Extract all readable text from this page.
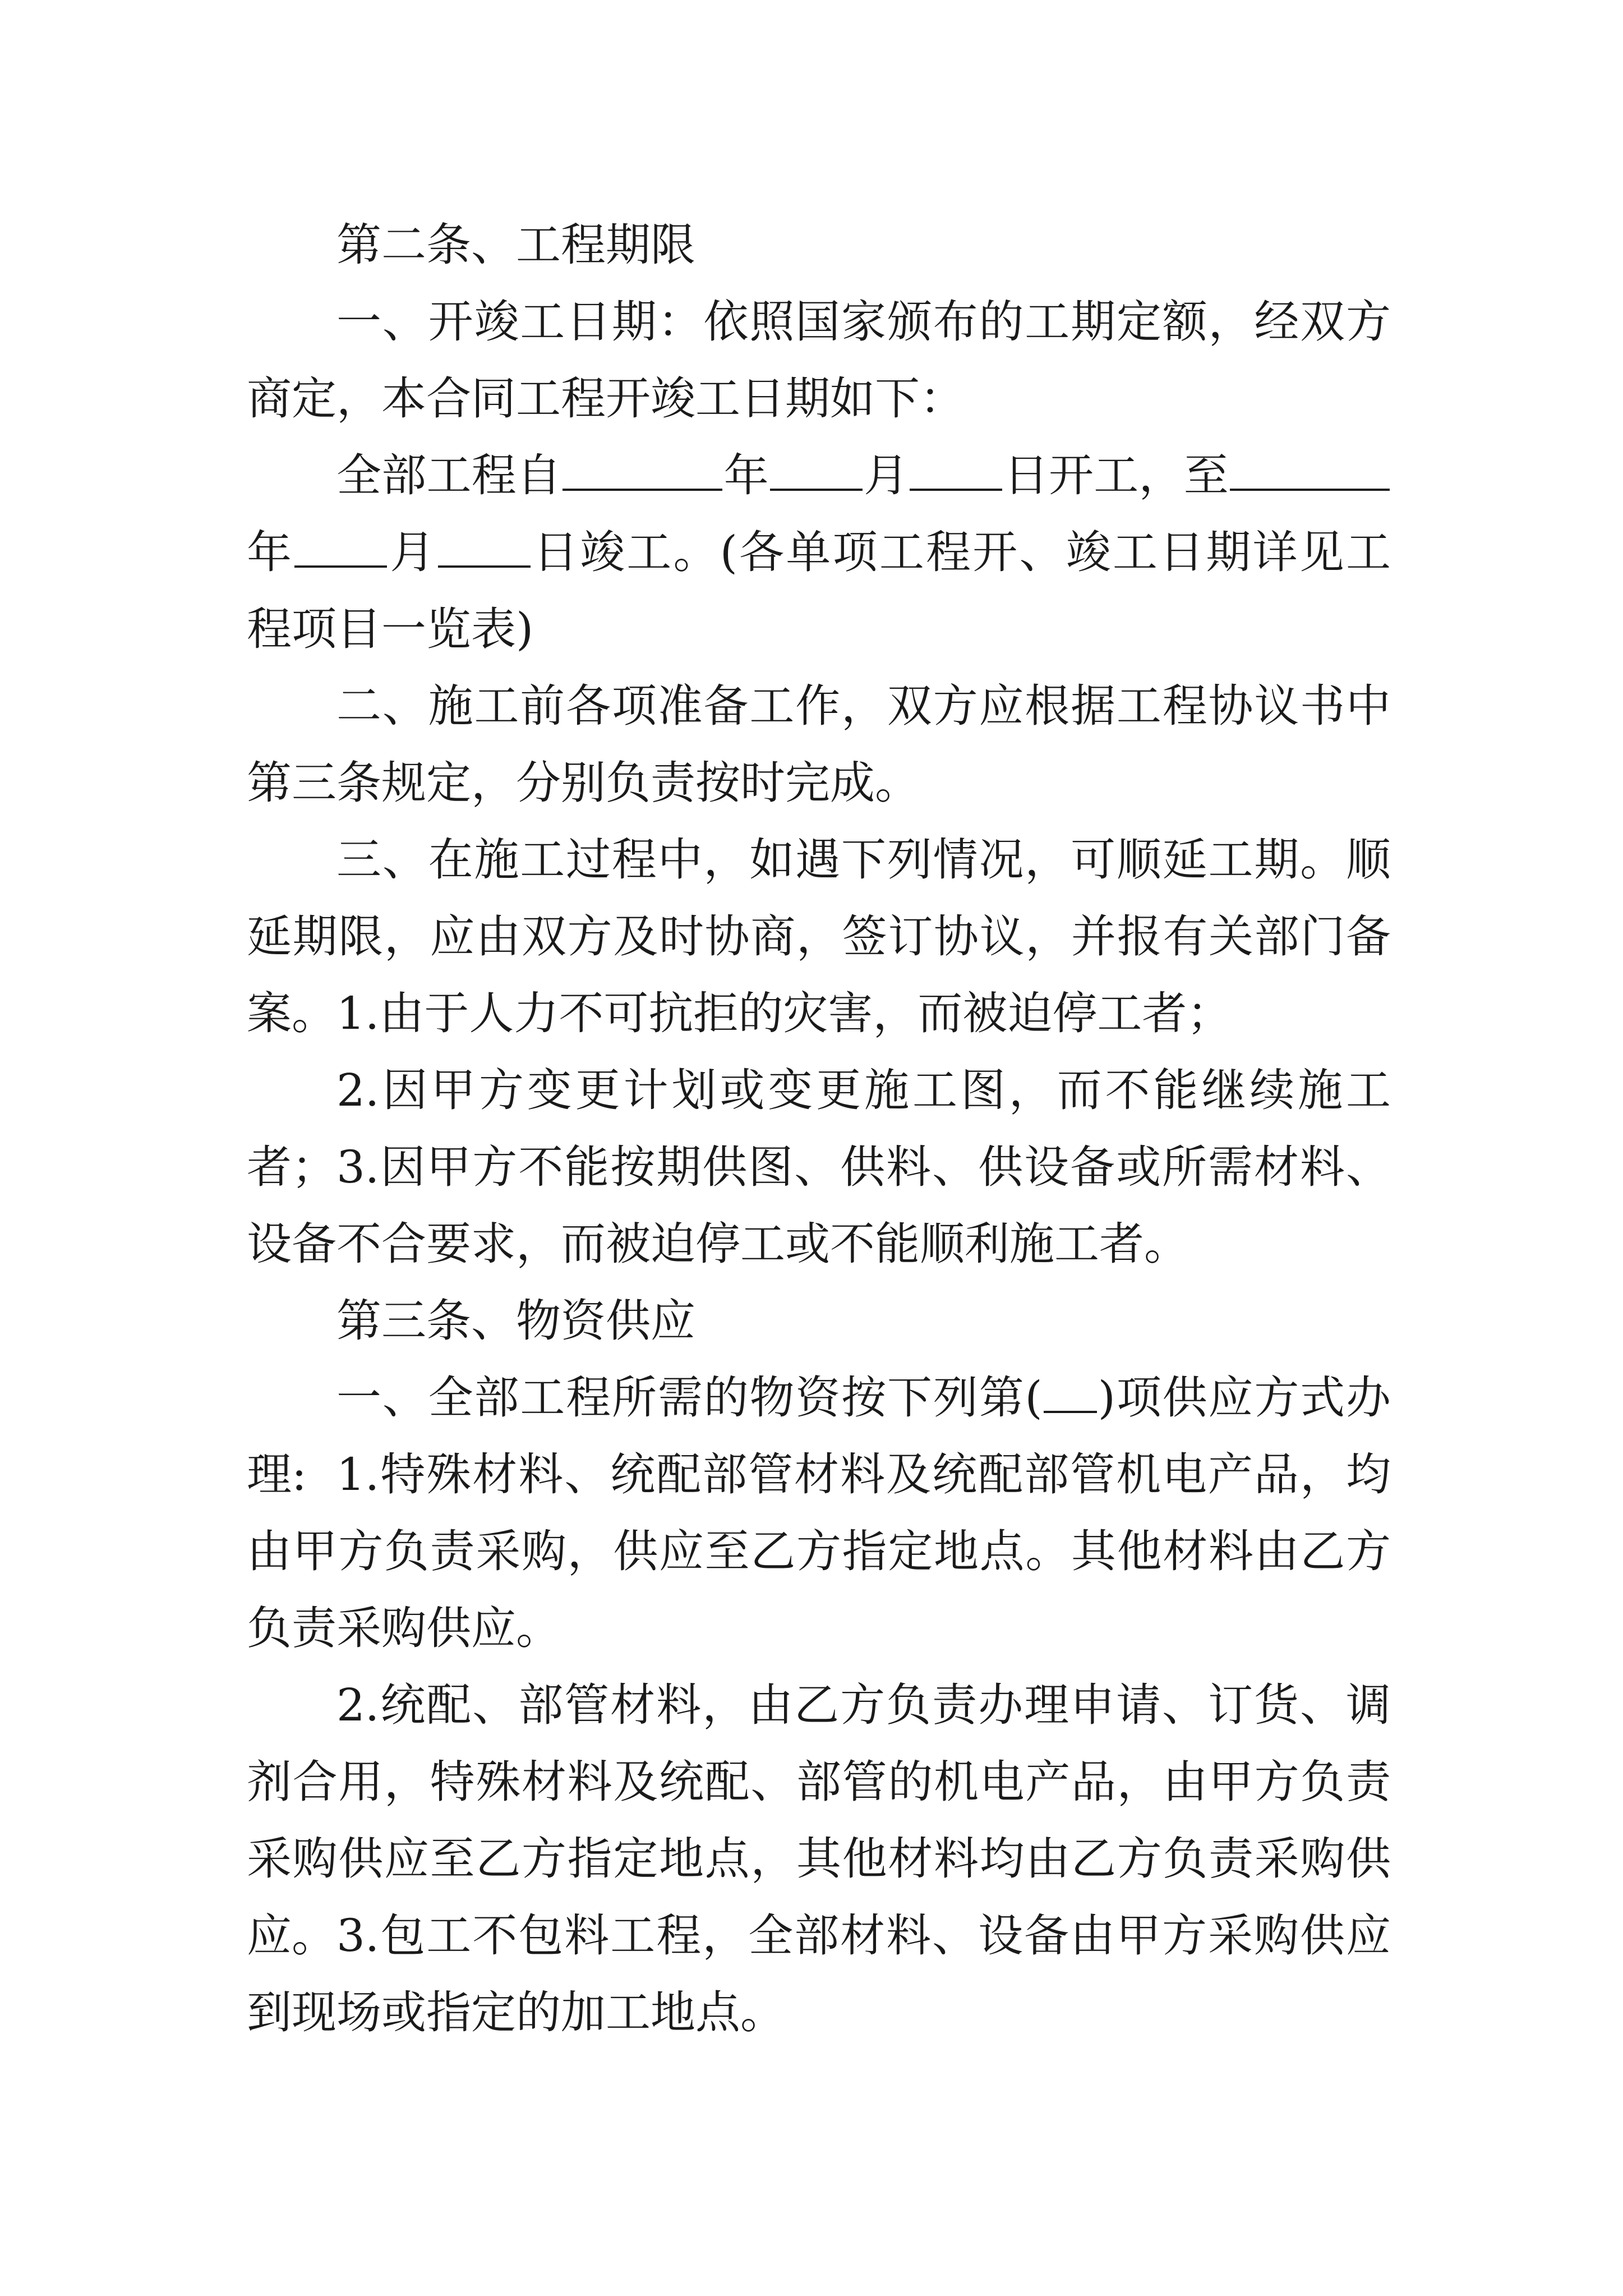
第二条、工程期限

一、开竣工日期：依照国家颁布的工期定额，经双方商定，本合同工程开竣工日期如下：

全部工程自	年 月 日开工，至年 月 日竣工。(各单项工程开、竣工日期详见工程项目一览表)

二、施工前各项准备工作，双方应根据工程协议书中第三条规定，分别负责按时完成。

三、在施工过程中，如遇下列情况，可顺延工期。顺延期限，应由双方及时协商，签订协议，并报有关部门备案。 1.由于人力不可抗拒的灾害，而被迫停工者；

2.因甲方变更计划或变更施工图，而不能继续施工者； 3.因甲方不能按期供图、供料、供设备或所需材料、设备不合要求，而被迫停工或不能顺利施工者。

第三条、物资供应

一、全部工程所需的物资按下列第( )项供应方式办理: 1.特殊材料、统配部管材料及统配部管机电产品，均由甲方负责采购，供应至乙方指定地点。其他材料由乙方负责采购供应。

2.统配、部管材料，由乙方负责办理申请、订货、调剂合用，特殊材料及统配、部管的机电产品，由甲方负责采购供应至乙方指定地点，其他材料均由乙方负责采购供应。 3.包工不包料工程，全部材料、设备由甲方采购供应到现场或指定的加工地点。
